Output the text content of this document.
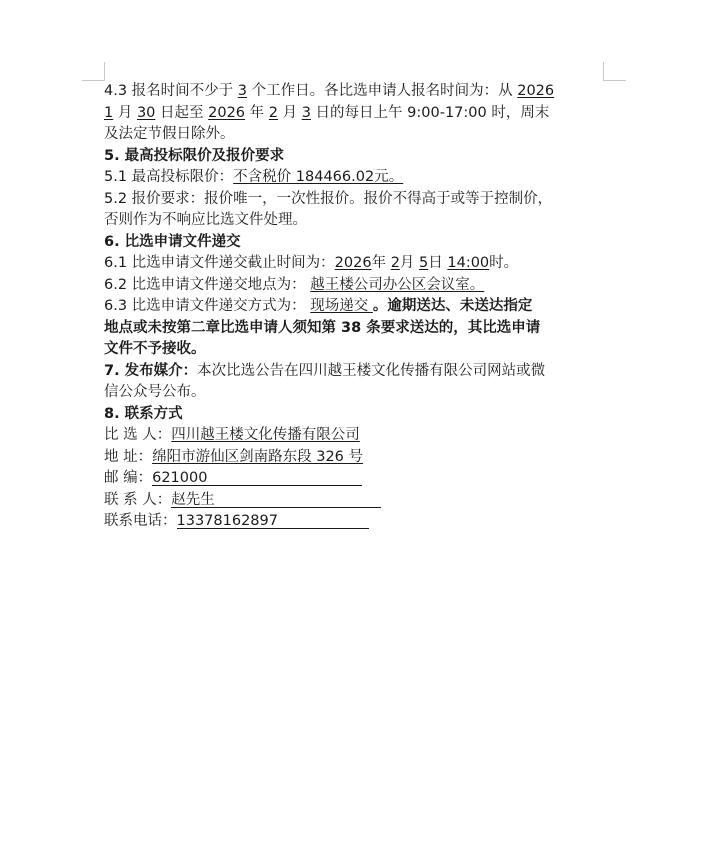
4.3 报名时间不少于 3 个工作日。各比选申请人报名时间为：从 2026
1 月 30 日起至 2026 年 2 月 3 日的每日上午 9:00-17:00 时，周末
及法定节假日除外。
5. 最高投标限价及报价要求
5.1 最高投标限价：不含税价 184466.02元。
5.2 报价要求：报价唯一，一次性报价。报价不得高于或等于控制价，
否则作为不响应比选文件处理。
6. 比选申请文件递交
6.1 比选申请文件递交截止时间为：2026年 2月 5日 14:00时。
6.2 比选申请文件递交地点为： 越王楼公司办公区会议室。
6.3 比选申请文件递交方式为： 现场递交 。逾期送达、未送达指定
地点或未按第二章比选申请人须知第 38 条要求送达的，其比选申请
文件不予接收。
7. 发布媒介：本次比选公告在四川越王楼文化传播有限公司网站或微
信公众号公布。
8. 联系方式
比 选 人：四川越王楼文化传播有限公司
地 址：绵阳市游仙区剑南路东段 326 号
邮 编：621000
联 系 人：赵先生
联系电话：13378162897
